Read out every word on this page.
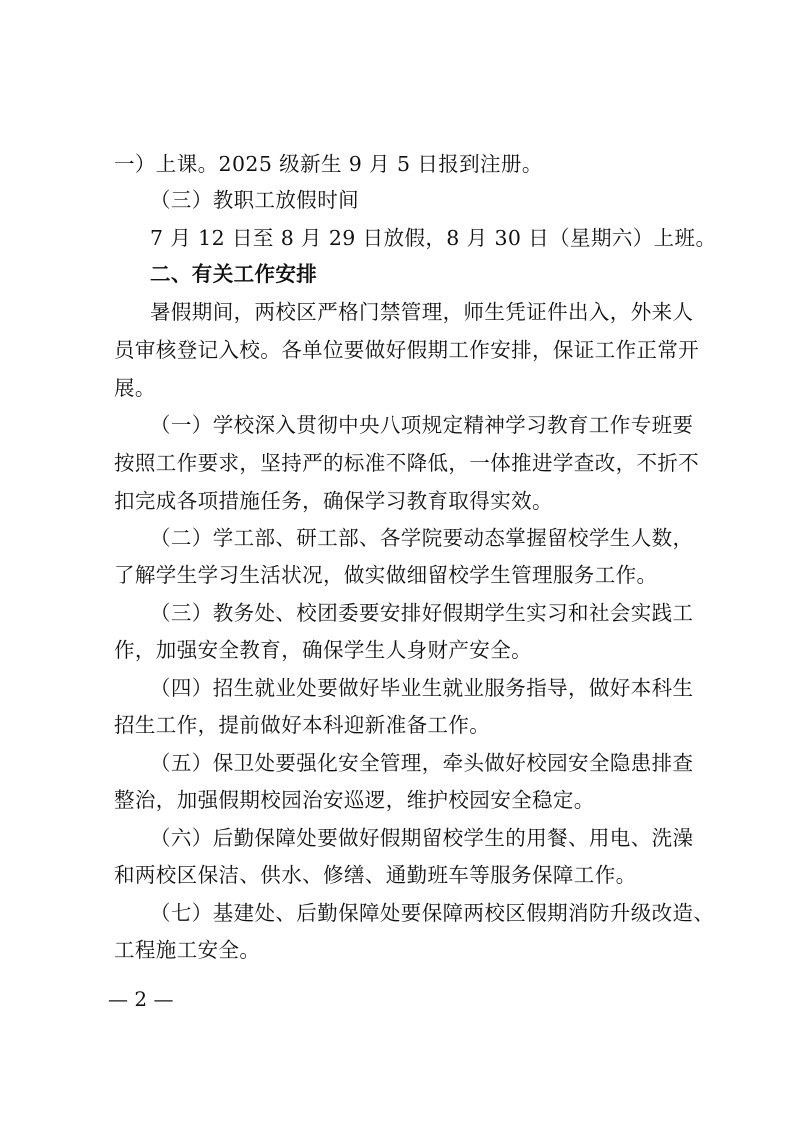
一）上课。2025 级新生 9 月 5 日报到注册。
（三）教职工放假时间
7 月 12 日至 8 月 29 日放假，8 月 30 日（星期六）上班。
二、有关工作安排
暑假期间，两校区严格门禁管理，师生凭证件出入，外来人
员审核登记入校。各单位要做好假期工作安排，保证工作正常开
展。
（一）学校深入贯彻中央八项规定精神学习教育工作专班要
按照工作要求，坚持严的标准不降低，一体推进学查改，不折不
扣完成各项措施任务，确保学习教育取得实效。
（二）学工部、研工部、各学院要动态掌握留校学生人数，
了解学生学习生活状况，做实做细留校学生管理服务工作。
（三）教务处、校团委要安排好假期学生实习和社会实践工
作，加强安全教育，确保学生人身财产安全。
（四）招生就业处要做好毕业生就业服务指导，做好本科生
招生工作，提前做好本科迎新准备工作。
（五）保卫处要强化安全管理，牵头做好校园安全隐患排查
整治，加强假期校园治安巡逻，维护校园安全稳定。
（六）后勤保障处要做好假期留校学生的用餐、用电、洗澡
和两校区保洁、供水、修缮、通勤班车等服务保障工作。
（七）基建处、后勤保障处要保障两校区假期消防升级改造、
工程施工安全。
— 2 —
